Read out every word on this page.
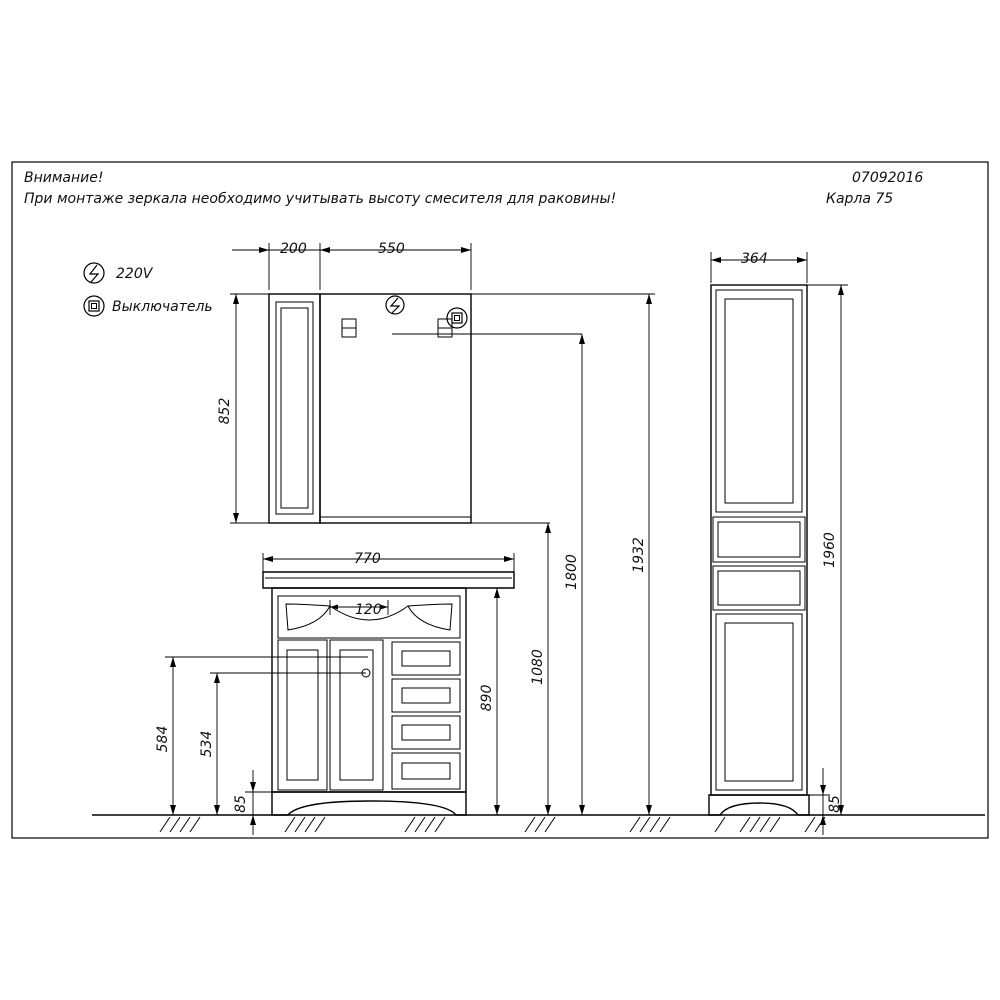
Внимание!
При монтаже зеркала необходимо учитывать высоту смесителя для раковины!
07092016
Карла 75
220V
Выключатель
200	550
852
770
120
1080
1800	1932
890
584 534
85
364
1960
85
